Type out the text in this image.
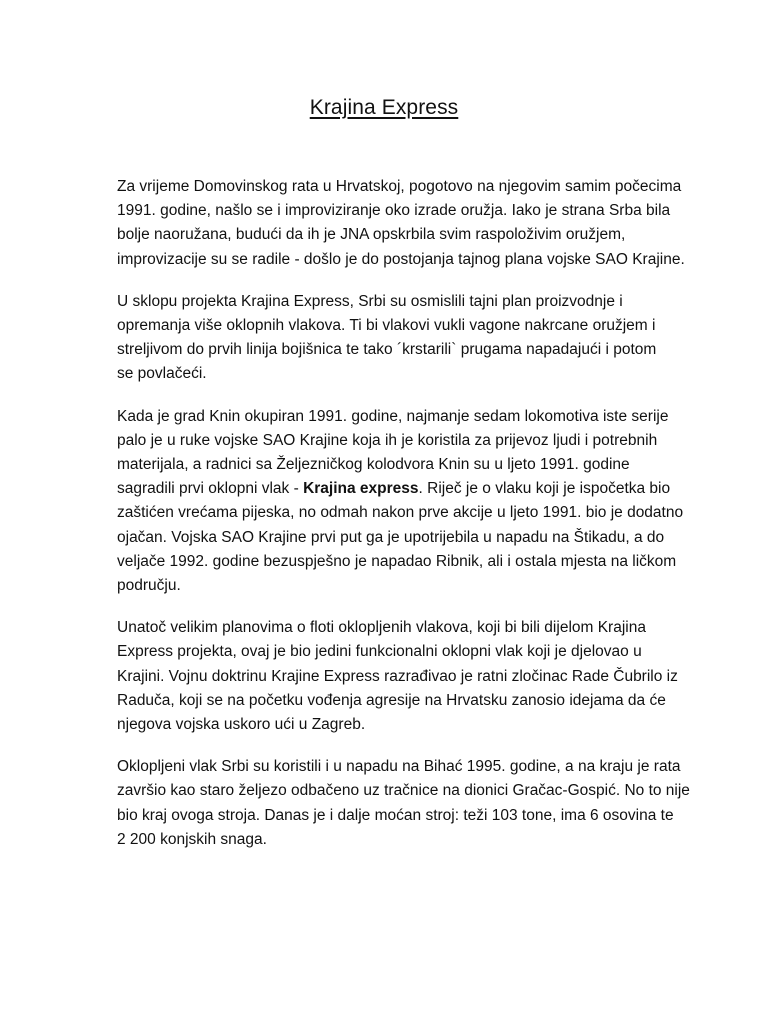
Krajina Express

Za vrijeme Domovinskog rata u Hrvatskoj, pogotovo na njegovim samim počecima
1991. godine, našlo se i improviziranje oko izrade oružja. Iako je strana Srba bila
bolje naoružana, budući da ih je JNA opskrbila svim raspoloživim oružjem,
improvizacije su se radile - došlo je do postojanja tajnog plana vojske SAO Krajine.

U sklopu projekta Krajina Express, Srbi su osmislili tajni plan proizvodnje i
opremanja više oklopnih vlakova. Ti bi vlakovi vukli vagone nakrcane oružjem i
streljivom do prvih linija bojišnica te tako ´krstarili` prugama napadajući i potom
se povlačeći.

Kada je grad Knin okupiran 1991. godine, najmanje sedam lokomotiva iste serije
palo je u ruke vojske SAO Krajine koja ih je koristila za prijevoz ljudi i potrebnih
materijala, a radnici sa Željezničkog kolodvora Knin su u ljeto 1991. godine
sagradili prvi oklopni vlak - Krajina express. Riječ je o vlaku koji je ispočetka bio
zaštićen vrećama pijeska, no odmah nakon prve akcije u ljeto 1991. bio je dodatno
ojačan. Vojska SAO Krajine prvi put ga je upotrijebila u napadu na Štikadu, a do
veljače 1992. godine bezuspješno je napadao Ribnik, ali i ostala mjesta na ličkom
području.

Unatoč velikim planovima o floti oklopljenih vlakova, koji bi bili dijelom Krajina
Express projekta, ovaj je bio jedini funkcionalni oklopni vlak koji je djelovao u
Krajini. Vojnu doktrinu Krajine Express razrađivao je ratni zločinac Rade Čubrilo iz
Raduča, koji se na početku vođenja agresije na Hrvatsku zanosio idejama da će
njegova vojska uskoro ući u Zagreb.

Oklopljeni vlak Srbi su koristili i u napadu na Bihać 1995. godine, a na kraju je rata
završio kao staro željezo odbačeno uz tračnice na dionici Gračac-Gospić. No to nije
bio kraj ovoga stroja. Danas je i dalje moćan stroj: teži 103 tone, ima 6 osovina te
2 200 konjskih snaga.
